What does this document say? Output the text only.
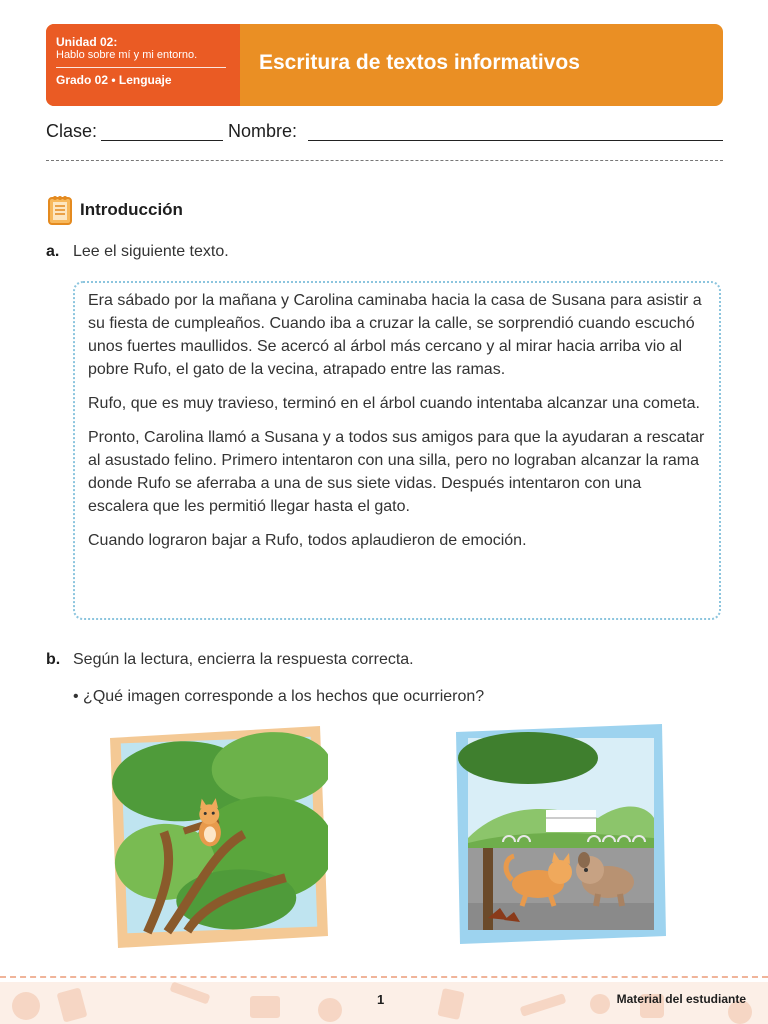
Unidad 02:
Hablo sobre mí y mi entorno.
Grado 02 • Lenguaje
Escritura de textos informativos
Clase:	Nombre:
Introducción
a. Lee el siguiente texto.

Era sábado por la mañana y Carolina caminaba hacia la casa de Susana para asistir a su fiesta de cumpleaños. Cuando iba a cruzar la calle, se sorprendió cuando escuchó unos fuertes maullidos. Se acercó al árbol más cercano y al mirar hacia arriba vio al pobre Rufo, el gato de la vecina, atrapado entre las ramas.

Rufo, que es muy travieso, terminó en el árbol cuando intentaba alcanzar una cometa.

Pronto, Carolina llamó a Susana y a todos sus amigos para que la ayudaran a rescatar al asustado felino. Primero intentaron con una silla, pero no lograban alcanzar la rama donde Rufo se aferraba a una de sus siete vidas. Después intentaron con una escalera que les permitió llegar hasta el gato.

Cuando lograron bajar a Rufo, todos aplaudieron de emoción.

b. Según la lectura, encierra la respuesta correcta.
• ¿Qué imagen corresponde a los hechos que ocurrieron?
1	Material del estudiante
